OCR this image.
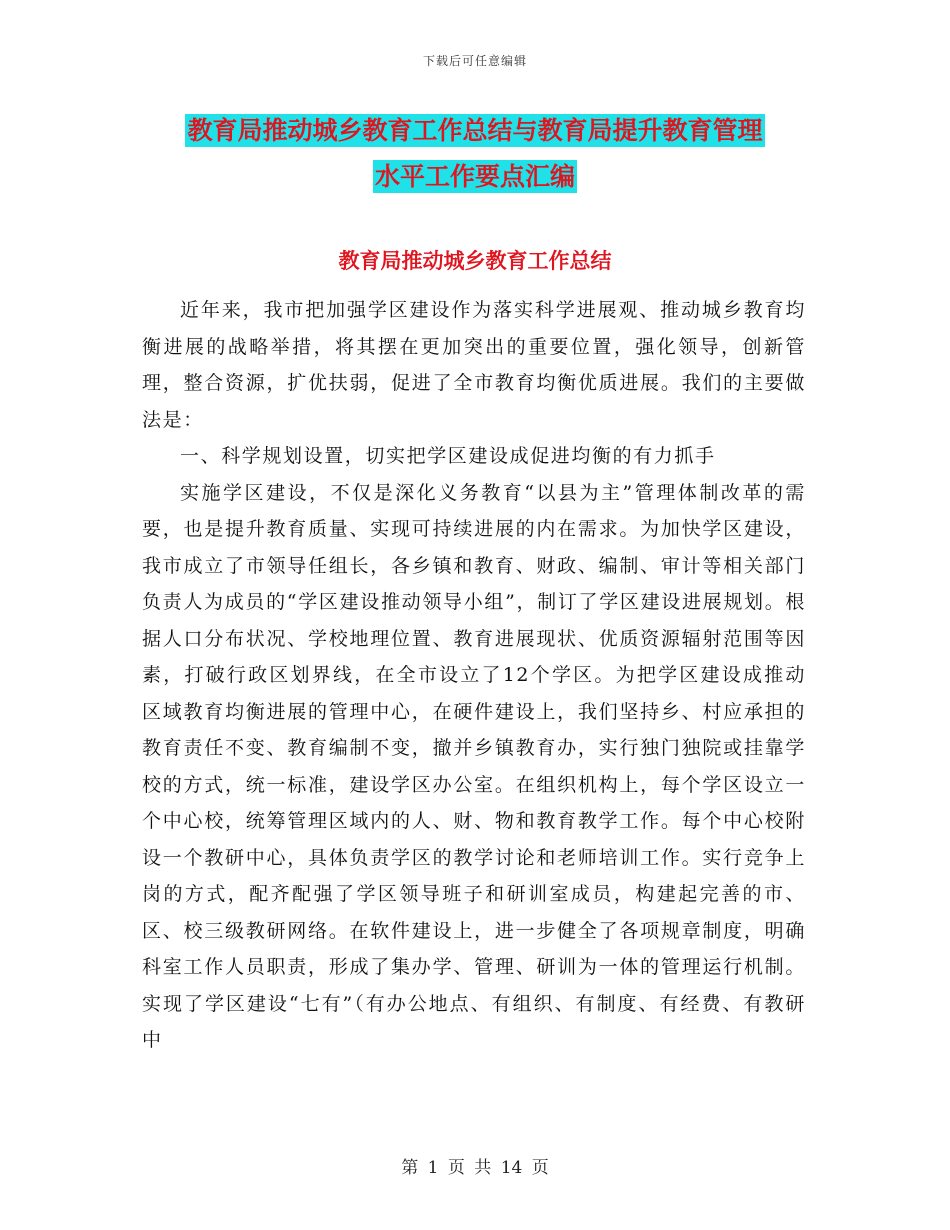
下载后可任意编辑
教育局推动城乡教育工作总结与教育局提升教育管理
水平工作要点汇编
教育局推动城乡教育工作总结

近年来，我市把加强学区建设作为落实科学进展观、推动城乡教育均衡进展的战略举措，将其摆在更加突出的重要位置，强化领导，创新管理，整合资源，扩优扶弱，促进了全市教育均衡优质进展。我们的主要做法是：

一、科学规划设置，切实把学区建设成促进均衡的有力抓手

实施学区建设，不仅是深化义务教育“以县为主”管理体制改革的需要，也是提升教育质量、实现可持续进展的内在需求。为加快学区建设，我市成立了市领导任组长，各乡镇和教育、财政、编制、审计等相关部门负责人为成员的“学区建设推动领导小组”，制订了学区建设进展规划。根据人口分布状况、学校地理位置、教育进展现状、优质资源辐射范围等因素，打破行政区划界线，在全市设立了12个学区。为把学区建设成推动区域教育均衡进展的管理中心，在硬件建设上，我们坚持乡、村应承担的教育责任不变、教育编制不变，撤并乡镇教育办，实行独门独院或挂靠学校的方式，统一标准，建设学区办公室。在组织机构上，每个学区设立一个中心校，统筹管理区域内的人、财、物和教育教学工作。每个中心校附设一个教研中心，具体负责学区的教学讨论和老师培训工作。实行竞争上岗的方式，配齐配强了学区领导班子和研训室成员，构建起完善的市、区、校三级教研网络。在软件建设上，进一步健全了各项规章制度，明确科室工作人员职责，形成了集办学、管理、研训为一体的管理运行机制。实现了学区建设“七有”（有办公地点、有组织、有制度、有经费、有教研中

第 1 页 共 14 页
